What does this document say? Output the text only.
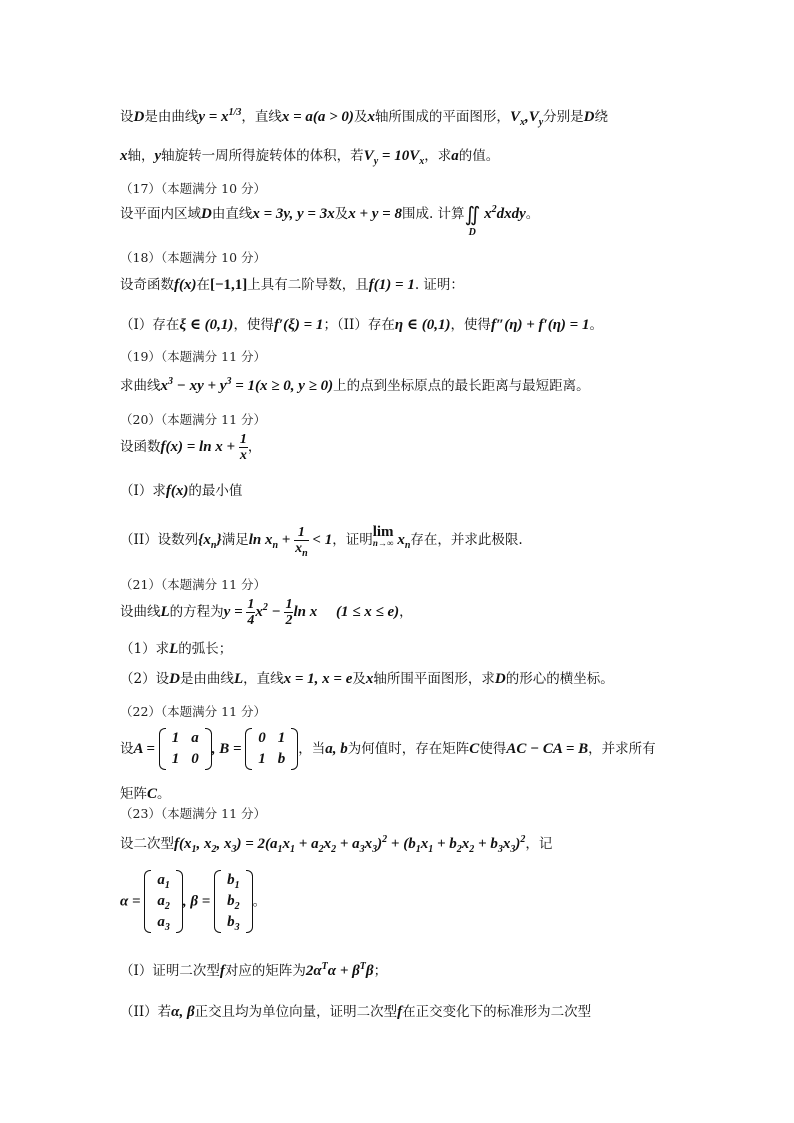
设D是由曲线$y = x^{1/3}$，直线x = a(a > 0)及x轴所围成的平面图形，$V_x,V_y$分别是D绕
x轴，y轴旋转一周所得旋转体的体积，若$V_y = 10V_x$，求a的值。
（17）（本题满分 10 分）
设平面内区域D由直线x = 3y, y = 3x及x + y = 8围成. 计算∬
D
$x^2dxdy$。
（18）（本题满分 10 分）
设奇函数f(x)在[−1,1]上具有二阶导数，且f(1) = 1. 证明：
（I）存在ξ ∈ (0,1)，使得f′(ξ) = 1；（II）存在η ∈ (0,1)，使得f″(η) + f′(η) = 1。
（19）（本题满分 11 分）
求曲线$x^3$ − xy + $y^3 = 1(x \ge 0$, y ≥ 0)上的点到坐标原点的最长距离与最短距离。
（20）（本题满分 11 分）
设函数$f(x) = \ln x + \frac{1}{x}$ ，
（I）求f(x)的最小值
（II）设数列$\{x_n\}$满足$\ln x_n + \frac{1}{x_n} < 1$，证明lim
n→∞ $x_n$存在，并求此极限.
（21）（本题满分 11 分）
设曲线L的方程为$y = \frac{1}{4} x^2 - \frac{1}{2}$ ln x     (1 ≤ x ≤ e)，
（1）求L的弧长；
（2）设D是由曲线L，直线x = 1, x = e及x轴所围平面图形，求D的形心的横坐标。
（22）（本题满分 11 分）
设A =
1	a
1	0
, B =
0	1
1	b
，当a, b为何值时，存在矩阵C使得AC − CA = B，并求所有
矩阵C。
（23）（本题满分 11 分）
设二次型$f(x_1$, $x_2$, $x_3) = 2(a_1x_1 + a_2x_2 + a_3x_3)^2 + (b_1x_1 + b_2x_2 + b_3x_3)^2$，记
α =
$a_1$
$a_2$
$a_3$
, β =
$b_1$
$b_2$
$b_3$
。
（I）证明二次型f对应的矩阵为$2\alpha^T\alpha + \beta^T\beta$；
（II）若α, β正交且均为单位向量，证明二次型f在正交变化下的标准形为二次型
